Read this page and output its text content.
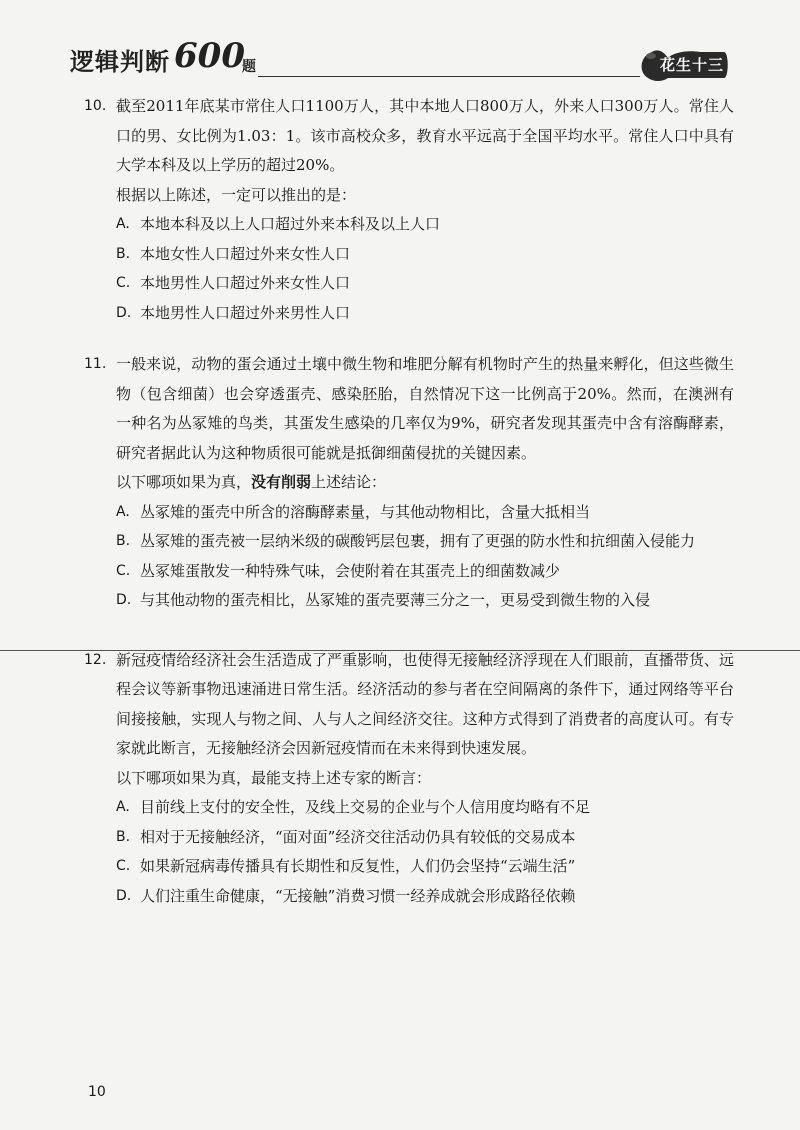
逻辑判断 600
题	花生十三
10. 截至2011年底某市常住人口1100万人，其中本地人口800万人，外来人口300万人。常住人口的男、女比例为1.03：1。该市高校众多，教育水平远高于全国平均水平。常住人口中具有大学本科及以上学历的超过20%。
根据以上陈述，一定可以推出的是：
A. 本地本科及以上人口超过外来本科及以上人口
B. 本地女性人口超过外来女性人口
C. 本地男性人口超过外来女性人口
D. 本地男性人口超过外来男性人口
11. 一般来说，动物的蛋会通过土壤中微生物和堆肥分解有机物时产生的热量来孵化，但这些微生物（包含细菌）也会穿透蛋壳、感染胚胎，自然情况下这一比例高于20%。然而，在澳洲有一种名为丛冢雉的鸟类，其蛋发生感染的几率仅为9%，研究者发现其蛋壳中含有溶酶酵素，研究者据此认为这种物质很可能就是抵御细菌侵扰的关键因素。
以下哪项如果为真，没有削弱上述结论：
A. 丛冢雉的蛋壳中所含的溶酶酵素量，与其他动物相比，含量大抵相当
B. 丛冢雉的蛋壳被一层纳米级的碳酸钙层包裹，拥有了更强的防水性和抗细菌入侵能力
C. 丛冢雉蛋散发一种特殊气味，会使附着在其蛋壳上的细菌数减少
D. 与其他动物的蛋壳相比，丛冢雉的蛋壳要薄三分之一，更易受到微生物的入侵
12. 新冠疫情给经济社会生活造成了严重影响，也使得无接触经济浮现在人们眼前，直播带货、远程会议等新事物迅速涌进日常生活。经济活动的参与者在空间隔离的条件下，通过网络等平台间接接触，实现人与物之间、人与人之间经济交往。这种方式得到了消费者的高度认可。有专家就此断言，无接触经济会因新冠疫情而在未来得到快速发展。
以下哪项如果为真，最能支持上述专家的断言：
A. 目前线上支付的安全性，及线上交易的企业与个人信用度均略有不足
B. 相对于无接触经济，“面对面”经济交往活动仍具有较低的交易成本
C. 如果新冠病毒传播具有长期性和反复性，人们仍会坚持“云端生活”
D. 人们注重生命健康，“无接触”消费习惯一经养成就会形成路径依赖
10
